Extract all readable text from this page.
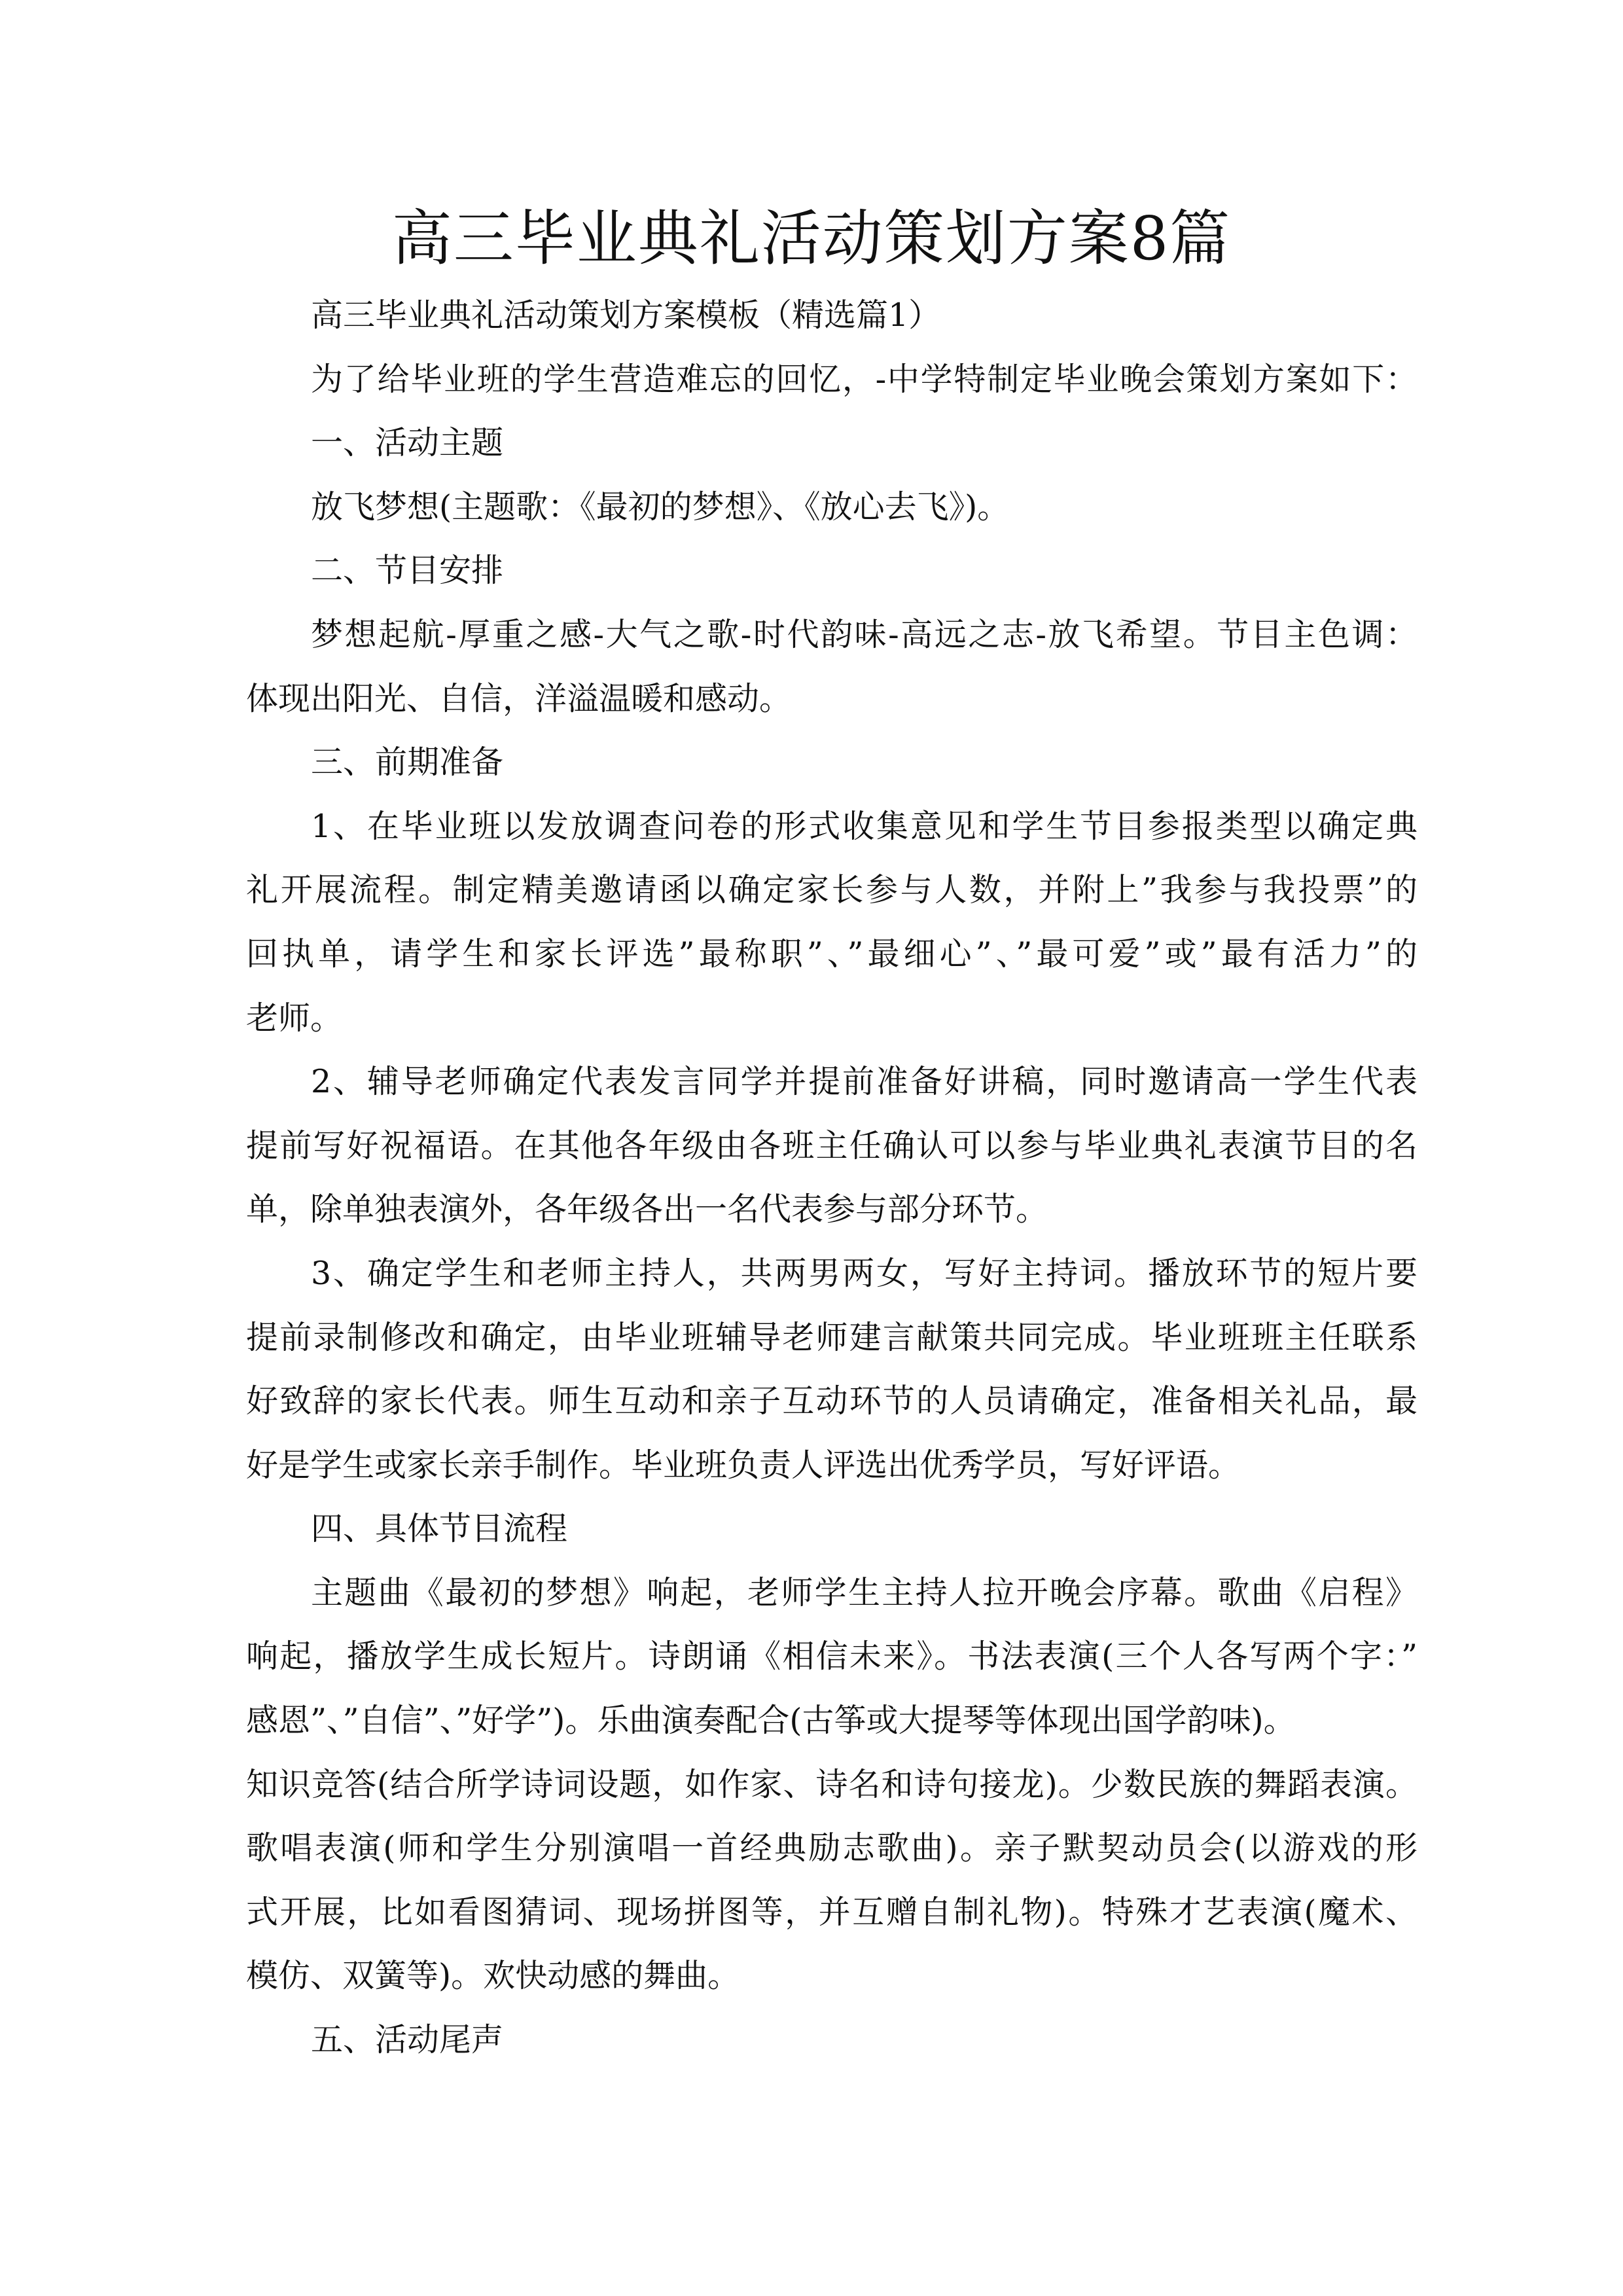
高三毕业典礼活动策划方案8篇
高三毕业典礼活动策划方案模板（精选篇1）
为了给毕业班的学生营造难忘的回忆，-中学特制定毕业晚会策划方案如下：
一、活动主题
放飞梦想(主题歌：《最初的梦想》、《放心去飞》)。
二、节目安排
梦想起航-厚重之感-大气之歌-时代韵味-高远之志-放飞希望。节目主色调：
体现出阳光、自信，洋溢温暖和感动。
三、前期准备
1、在毕业班以发放调查问卷的形式收集意见和学生节目参报类型以确定典
礼开展流程。制定精美邀请函以确定家长参与人数，并附上”我参与我投票”的
回执单，请学生和家长评选”最称职”、”最细心”、”最可爱”或”最有活力”的
老师。
2、辅导老师确定代表发言同学并提前准备好讲稿，同时邀请高一学生代表
提前写好祝福语。在其他各年级由各班主任确认可以参与毕业典礼表演节目的名
单，除单独表演外，各年级各出一名代表参与部分环节。
3、确定学生和老师主持人，共两男两女，写好主持词。播放环节的短片要
提前录制修改和确定，由毕业班辅导老师建言献策共同完成。毕业班班主任联系
好致辞的家长代表。师生互动和亲子互动环节的人员请确定，准备相关礼品，最
好是学生或家长亲手制作。毕业班负责人评选出优秀学员，写好评语。
四、具体节目流程
主题曲《最初的梦想》响起，老师学生主持人拉开晚会序幕。歌曲《启程》
响起，播放学生成长短片。诗朗诵《相信未来》。书法表演(三个人各写两个字：”
感恩”、”自信”、”好学”)。乐曲演奏配合(古筝或大提琴等体现出国学韵味)。
知识竞答(结合所学诗词设题，如作家、诗名和诗句接龙)。少数民族的舞蹈表演。
歌唱表演(师和学生分别演唱一首经典励志歌曲)。亲子默契动员会(以游戏的形
式开展，比如看图猜词、现场拼图等，并互赠自制礼物)。特殊才艺表演(魔术、
模仿、双簧等)。欢快动感的舞曲。
五、活动尾声
